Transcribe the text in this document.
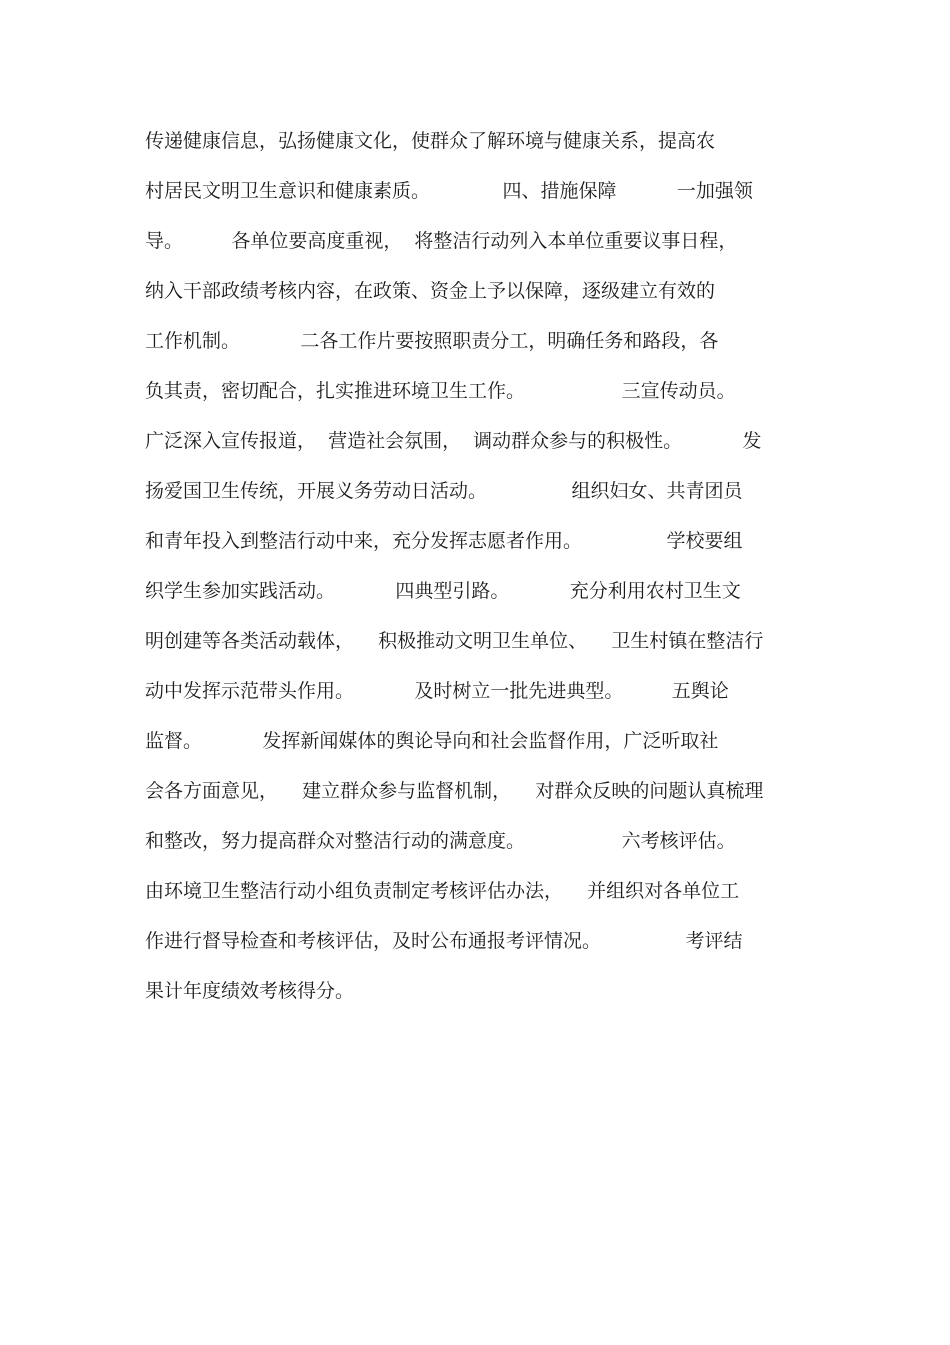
传递健康信息，弘扬健康文化，使群众了解环境与健康关系，提高农
村居民文明卫生意识和健康素质。            四、措施保障          一加强领
导。        各单位要高度重视，  将整洁行动列入本单位重要议事日程，
纳入干部政绩考核内容，在政策、资金上予以保障，逐级建立有效的
工作机制。          二各工作片要按照职责分工，明确任务和路段，各
负其责，密切配合，扎实推进环境卫生工作。                三宣传动员。
广泛深入宣传报道，  营造社会氛围，  调动群众参与的积极性。          发
扬爱国卫生传统，开展义务劳动日活动。              组织妇女、共青团员
和青年投入到整洁行动中来，充分发挥志愿者作用。              学校要组
织学生参加实践活动。          四典型引路。          充分利用农村卫生文
明创建等各类活动载体，    积极推动文明卫生单位、    卫生村镇在整洁行
动中发挥示范带头作用。          及时树立一批先进典型。        五舆论
监督。          发挥新闻媒体的舆论导向和社会监督作用，广泛听取社
会各方面意见，    建立群众参与监督机制，    对群众反映的问题认真梳理
和整改，努力提高群众对整洁行动的满意度。                六考核评估。
由环境卫生整洁行动小组负责制定考核评估办法，    并组织对各单位工
作进行督导检查和考核评估，及时公布通报考评情况。              考评结
果计年度绩效考核得分。
